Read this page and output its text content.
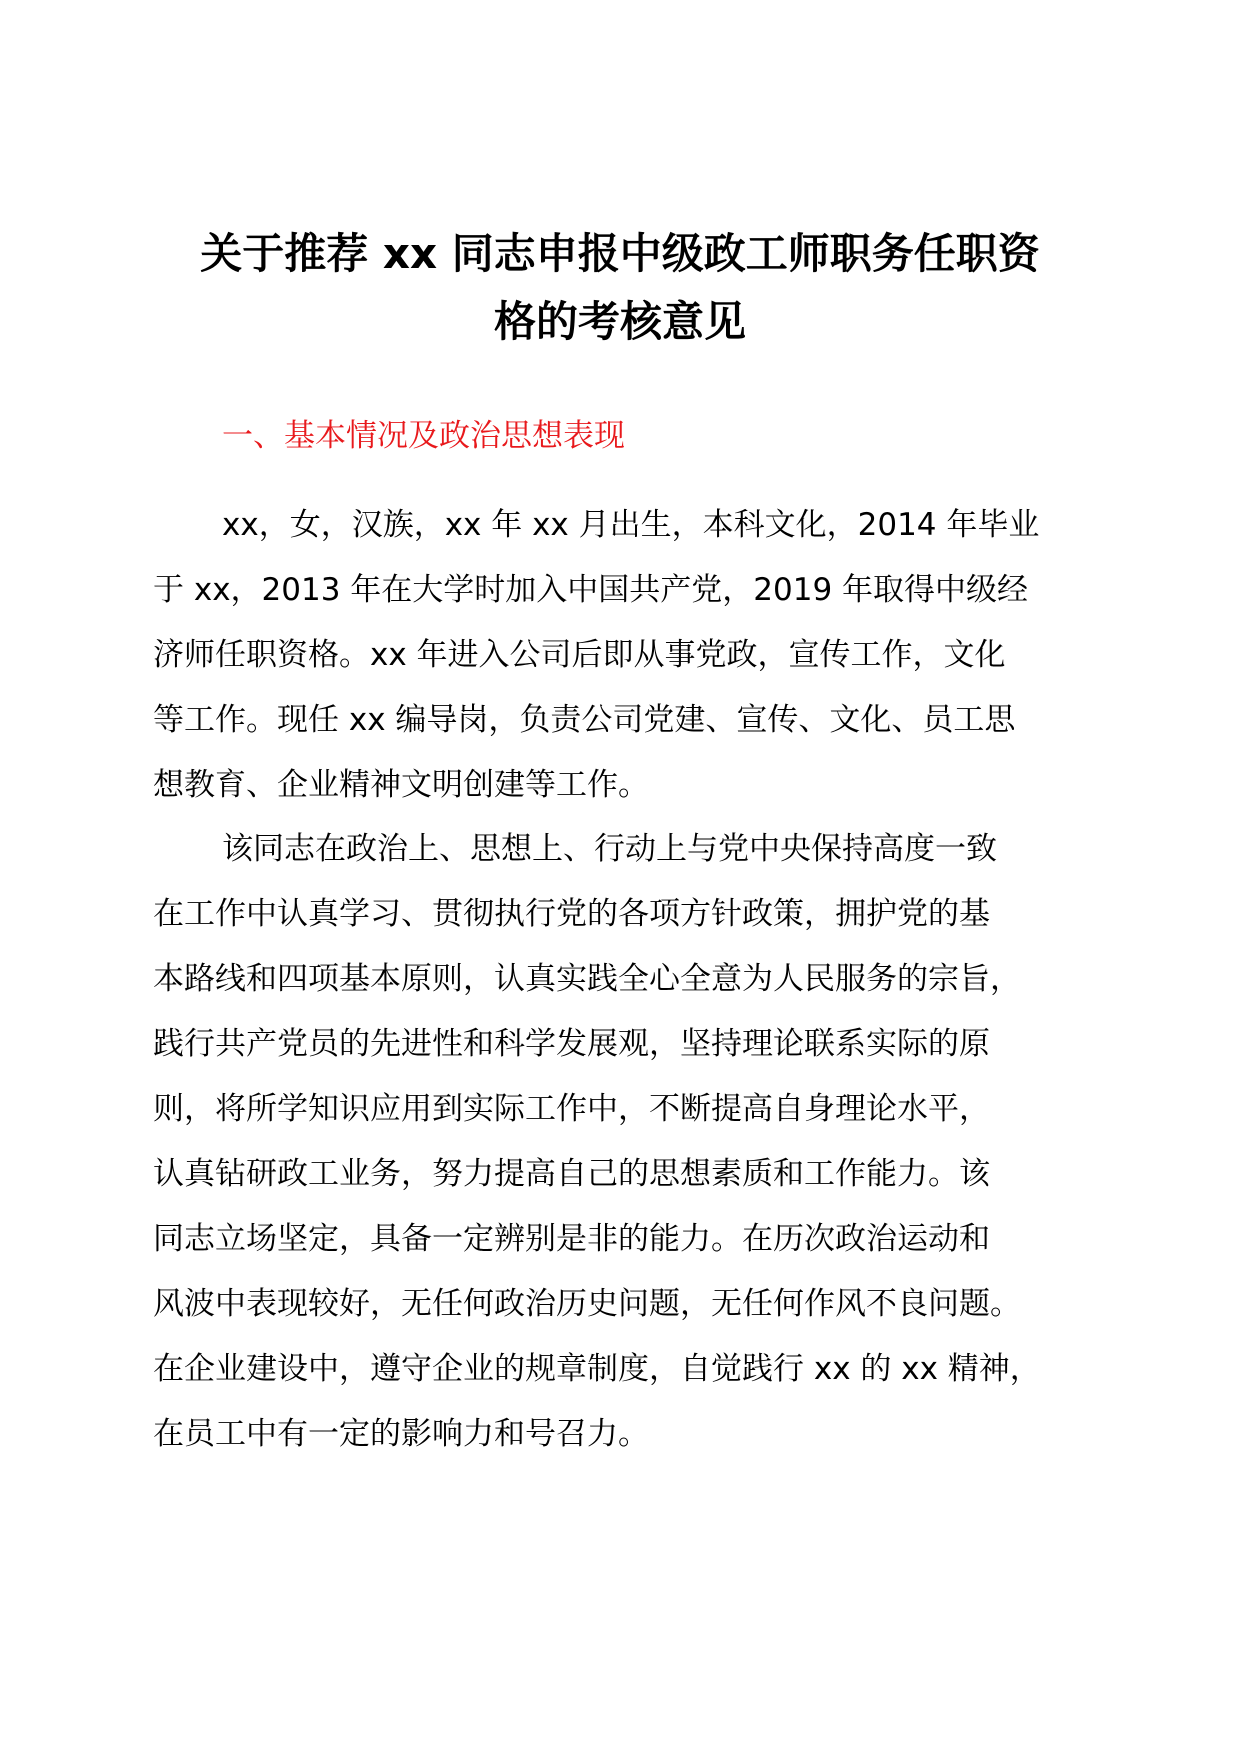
关于推荐 xx 同志申报中级政工师职务任职资
格的考核意见
一、基本情况及政治思想表现
xx，女，汉族，xx 年 xx 月出生，本科文化，2014 年毕业
于 xx，2013 年在大学时加入中国共产党，2019 年取得中级经
济师任职资格。xx 年进入公司后即从事党政，宣传工作，文化
等工作。现任 xx 编导岗，负责公司党建、宣传、文化、员工思
想教育、企业精神文明创建等工作。
该同志在政治上、思想上、行动上与党中央保持高度一致
在工作中认真学习、贯彻执行党的各项方针政策，拥护党的基
本路线和四项基本原则，认真实践全心全意为人民服务的宗旨，
践行共产党员的先进性和科学发展观，坚持理论联系实际的原
则，将所学知识应用到实际工作中，不断提高自身理论水平，
认真钻研政工业务，努力提高自己的思想素质和工作能力。该
同志立场坚定，具备一定辨别是非的能力。在历次政治运动和
风波中表现较好，无任何政治历史问题，无任何作风不良问题。
在企业建设中，遵守企业的规章制度，自觉践行 xx 的 xx 精神，
在员工中有一定的影响力和号召力。
